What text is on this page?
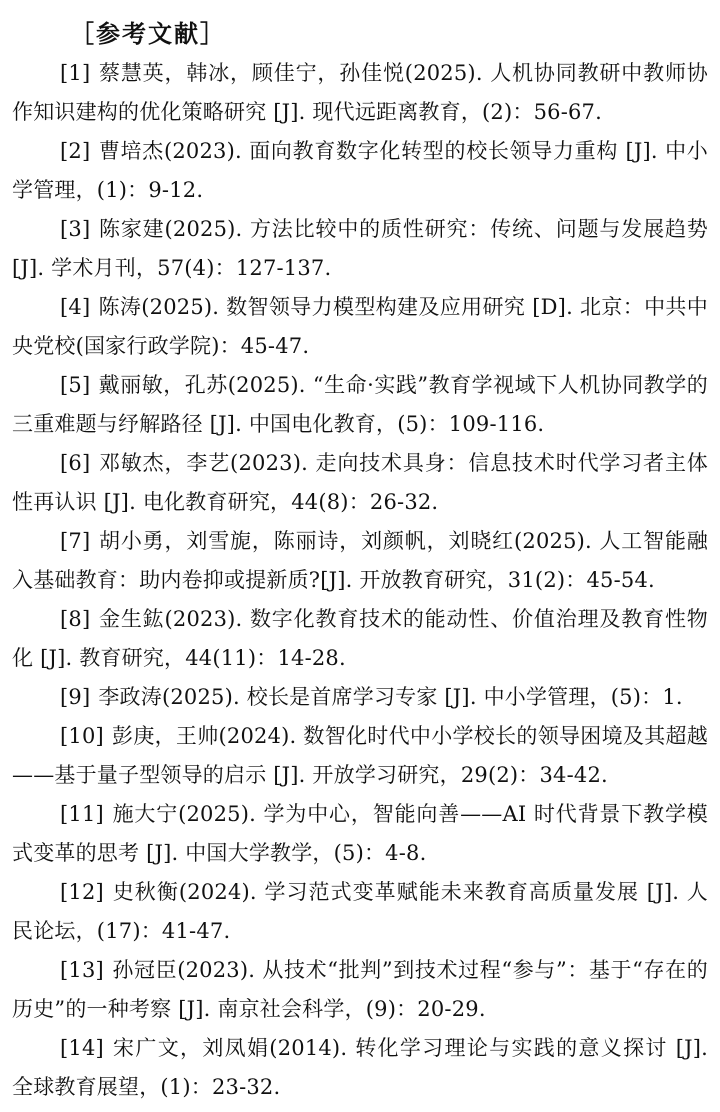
［参考文献］
[1] 蔡慧英，韩冰，顾佳宁，孙佳悦(2025). 人机协同教研中教师协作知识建构的优化策略研究 [J]. 现代远距离教育，(2)：56-67.
[2] 曹培杰(2023). 面向教育数字化转型的校长领导力重构 [J]. 中小学管理，(1)：9-12.
[3] 陈家建(2025). 方法比较中的质性研究：传统、问题与发展趋势 [J]. 学术月刊，57(4)：127-137.
[4] 陈涛(2025). 数智领导力模型构建及应用研究 [D]. 北京：中共中央党校(国家行政学院)：45-47.
[5] 戴丽敏，孔苏(2025). “生命·实践”教育学视域下人机协同教学的三重难题与纾解路径 [J]. 中国电化教育，(5)：109-116.
[6] 邓敏杰，李艺(2023). 走向技术具身：信息技术时代学习者主体性再认识 [J]. 电化教育研究，44(8)：26-32.
[7] 胡小勇，刘雪旎，陈丽诗，刘颜帆，刘晓红(2025). 人工智能融入基础教育：助内卷抑或提新质?[J]. 开放教育研究，31(2)：45-54.
[8] 金生鈜(2023). 数字化教育技术的能动性、价值治理及教育性物化 [J]. 教育研究，44(11)：14-28.
[9] 李政涛(2025). 校长是首席学习专家 [J]. 中小学管理，(5)：1.
[10] 彭庚，王帅(2024). 数智化时代中小学校长的领导困境及其超越——基于量子型领导的启示 [J]. 开放学习研究，29(2)：34-42.
[11] 施大宁(2025). 学为中心，智能向善——AI 时代背景下教学模式变革的思考 [J]. 中国大学教学，(5)：4-8.
[12] 史秋衡(2024). 学习范式变革赋能未来教育高质量发展 [J]. 人民论坛，(17)：41-47.
[13] 孙冠臣(2023). 从技术“批判”到技术过程“参与”：基于“存在的历史”的一种考察 [J]. 南京社会科学，(9)：20-29.
[14] 宋广文，刘凤娟(2014). 转化学习理论与实践的意义探讨 [J]. 全球教育展望，(1)：23-32.
